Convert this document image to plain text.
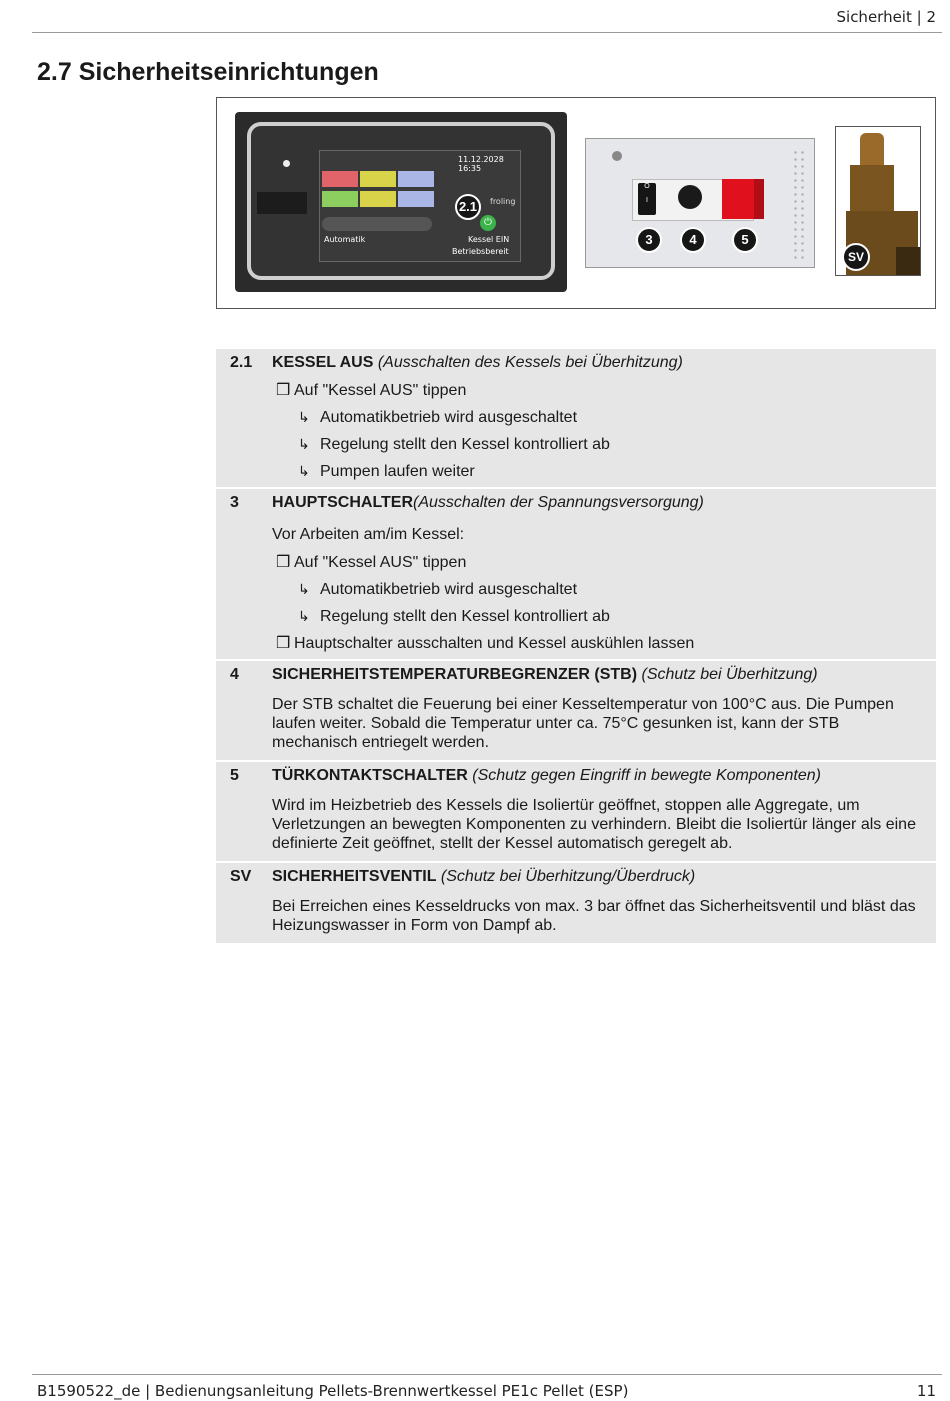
Sicherheit | 2
2.7 Sicherheitseinrichtungen
11.12.2028 16:35
froling
⏻
Automatik	Kessel EIN
Betriebsbereit
2.1
O

I
3	4	5
SV
2.1	KESSEL AUS (Ausschalten des Kessels bei Überhitzung)
❒ Auf "Kessel AUS" tippen
↳ Automatikbetrieb wird ausgeschaltet
↳ Regelung stellt den Kessel kontrolliert ab
↳ Pumpen laufen weiter
3	HAUPTSCHALTER(Ausschalten der Spannungsversorgung)
Vor Arbeiten am/im Kessel:
❒ Auf "Kessel AUS" tippen
↳ Automatikbetrieb wird ausgeschaltet
↳ Regelung stellt den Kessel kontrolliert ab
❒ Hauptschalter ausschalten und Kessel auskühlen lassen
4	SICHERHEITSTEMPERATURBEGRENZER (STB) (Schutz bei Überhitzung)
Der STB schaltet die Feuerung bei einer Kesseltemperatur von 100°C aus. Die Pumpen laufen weiter. Sobald die Temperatur unter ca. 75°C gesunken ist, kann der STB mechanisch entriegelt werden.
5	TÜRKONTAKTSCHALTER (Schutz gegen Eingriff in bewegte Komponenten)
Wird im Heizbetrieb des Kessels die Isoliertür geöffnet, stoppen alle Aggregate, um Verletzungen an bewegten Komponenten zu verhindern. Bleibt die Isoliertür länger als eine definierte Zeit geöffnet, stellt der Kessel automatisch geregelt ab.
SV	SICHERHEITSVENTIL (Schutz bei Überhitzung/Überdruck)
Bei Erreichen eines Kesseldrucks von max. 3 bar öffnet das Sicherheitsventil und bläst das Heizungswasser in Form von Dampf ab.
B1590522_de | Bedienungsanleitung Pellets-Brennwertkessel PE1c Pellet (ESP)	11
